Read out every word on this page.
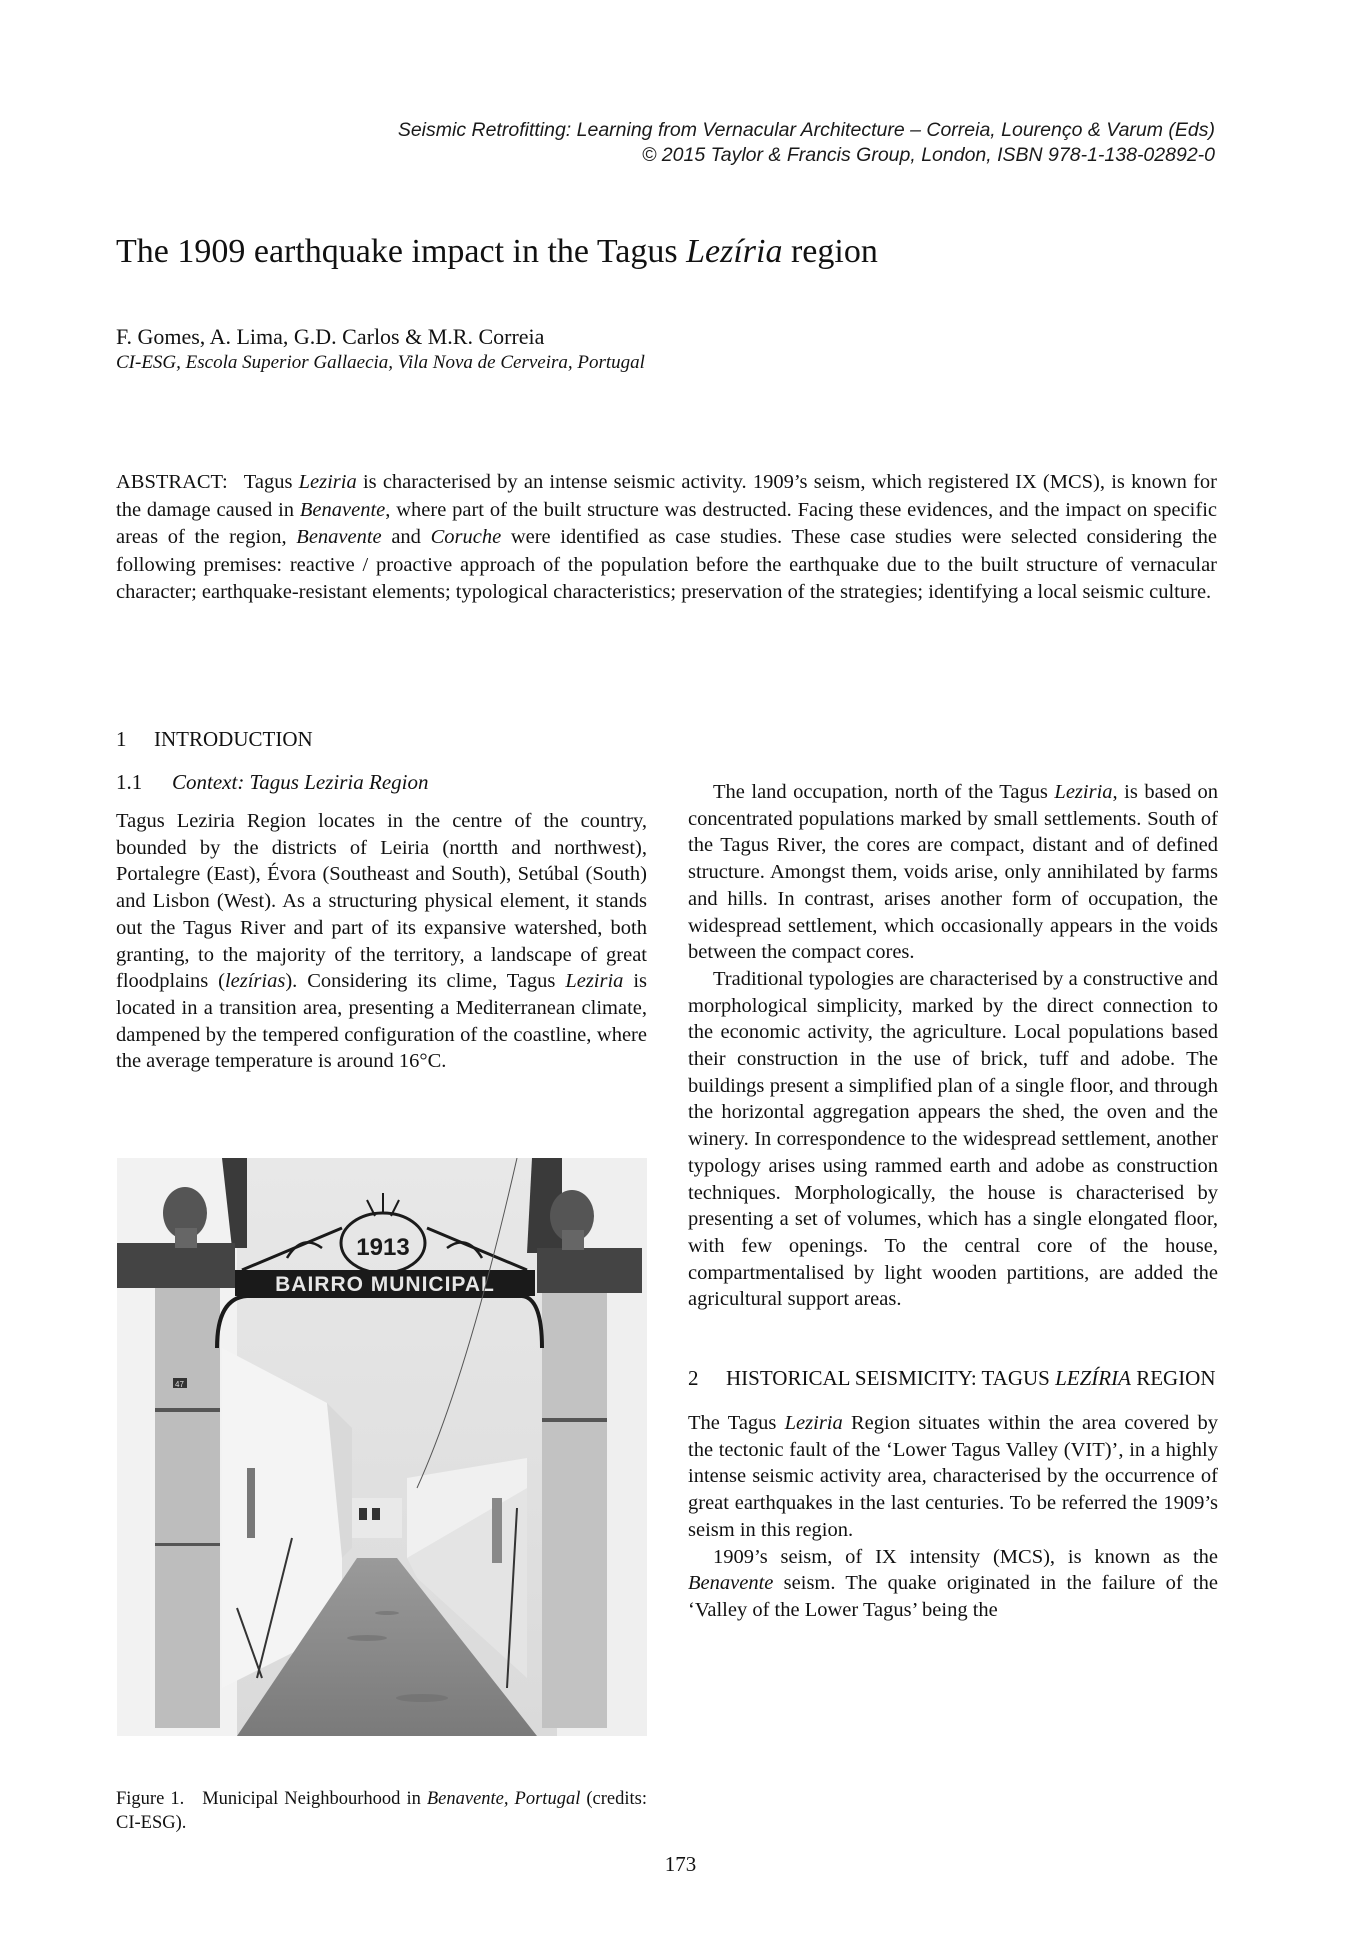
Seismic Retrofitting: Learning from Vernacular Architecture – Correia, Lourenço & Varum (Eds)
© 2015 Taylor & Francis Group, London, ISBN 978-1-138-02892-0
The 1909 earthquake impact in the Tagus Lezíria region
F. Gomes, A. Lima, G.D. Carlos & M.R. Correia
CI-ESG, Escola Superior Gallaecia, Vila Nova de Cerveira, Portugal
ABSTRACT: Tagus Leziria is characterised by an intense seismic activity. 1909’s seism, which registered IX (MCS), is known for the damage caused in Benavente, where part of the built structure was destructed. Facing these evidences, and the impact on specific areas of the region, Benavente and Coruche were identified as case studies. These case studies were selected considering the following premises: reactive / proactive approach of the population before the earthquake due to the built structure of vernacular character; earthquake-resistant elements; typological characteristics; preservation of the strategies; identifying a local seismic culture.
1 INTRODUCTION
1.1 Context: Tagus Leziria Region

Tagus Leziria Region locates in the centre of the country, bounded by the districts of Leiria (nortth and northwest), Portalegre (East), Évora (Southeast and South), Setúbal (South) and Lisbon (West). As a structuring physical element, it stands out the Tagus River and part of its expansive watershed, both granting, to the majority of the territory, a landscape of great floodplains (lezírias). Considering its clime, Tagus Leziria is located in a transition area, presenting a Mediterranean climate, dampened by the tempered configuration of the coastline, where the average temperature is around 16°C.

47
BAIRRO MUNICIPAL
1913
Figure 1. Municipal Neighbourhood in Benavente, Portugal (credits: CI-ESG).

The land occupation, north of the Tagus Leziria, is based on concentrated populations marked by small settlements. South of the Tagus River, the cores are compact, distant and of defined structure. Amongst them, voids arise, only annihilated by farms and hills. In contrast, arises another form of occupation, the widespread settlement, which occasionally appears in the voids between the compact cores.

Traditional typologies are characterised by a constructive and morphological simplicity, marked by the direct connection to the economic activity, the agriculture. Local populations based their construction in the use of brick, tuff and adobe. The buildings present a simplified plan of a single floor, and through the horizontal aggregation appears the shed, the oven and the winery. In correspondence to the widespread settlement, another typology arises using rammed earth and adobe as construction techniques. Morphologically, the house is characterised by presenting a set of volumes, which has a single elongated floor, with few openings. To the central core of the house, compartmentalised by light wooden partitions, are added the agricultural support areas.

2	HISTORICAL SEISMICITY: TAGUS LEZÍRIA REGION

The Tagus Leziria Region situates within the area covered by the tectonic fault of the ‘Lower Tagus Valley (VIT)’, in a highly intense seismic activity area, characterised by the occurrence of great earthquakes in the last centuries. To be referred the 1909’s seism in this region.

1909’s seism, of IX intensity (MCS), is known as the Benavente seism. The quake originated in the failure of the ‘Valley of the Lower Tagus’ being the

173
